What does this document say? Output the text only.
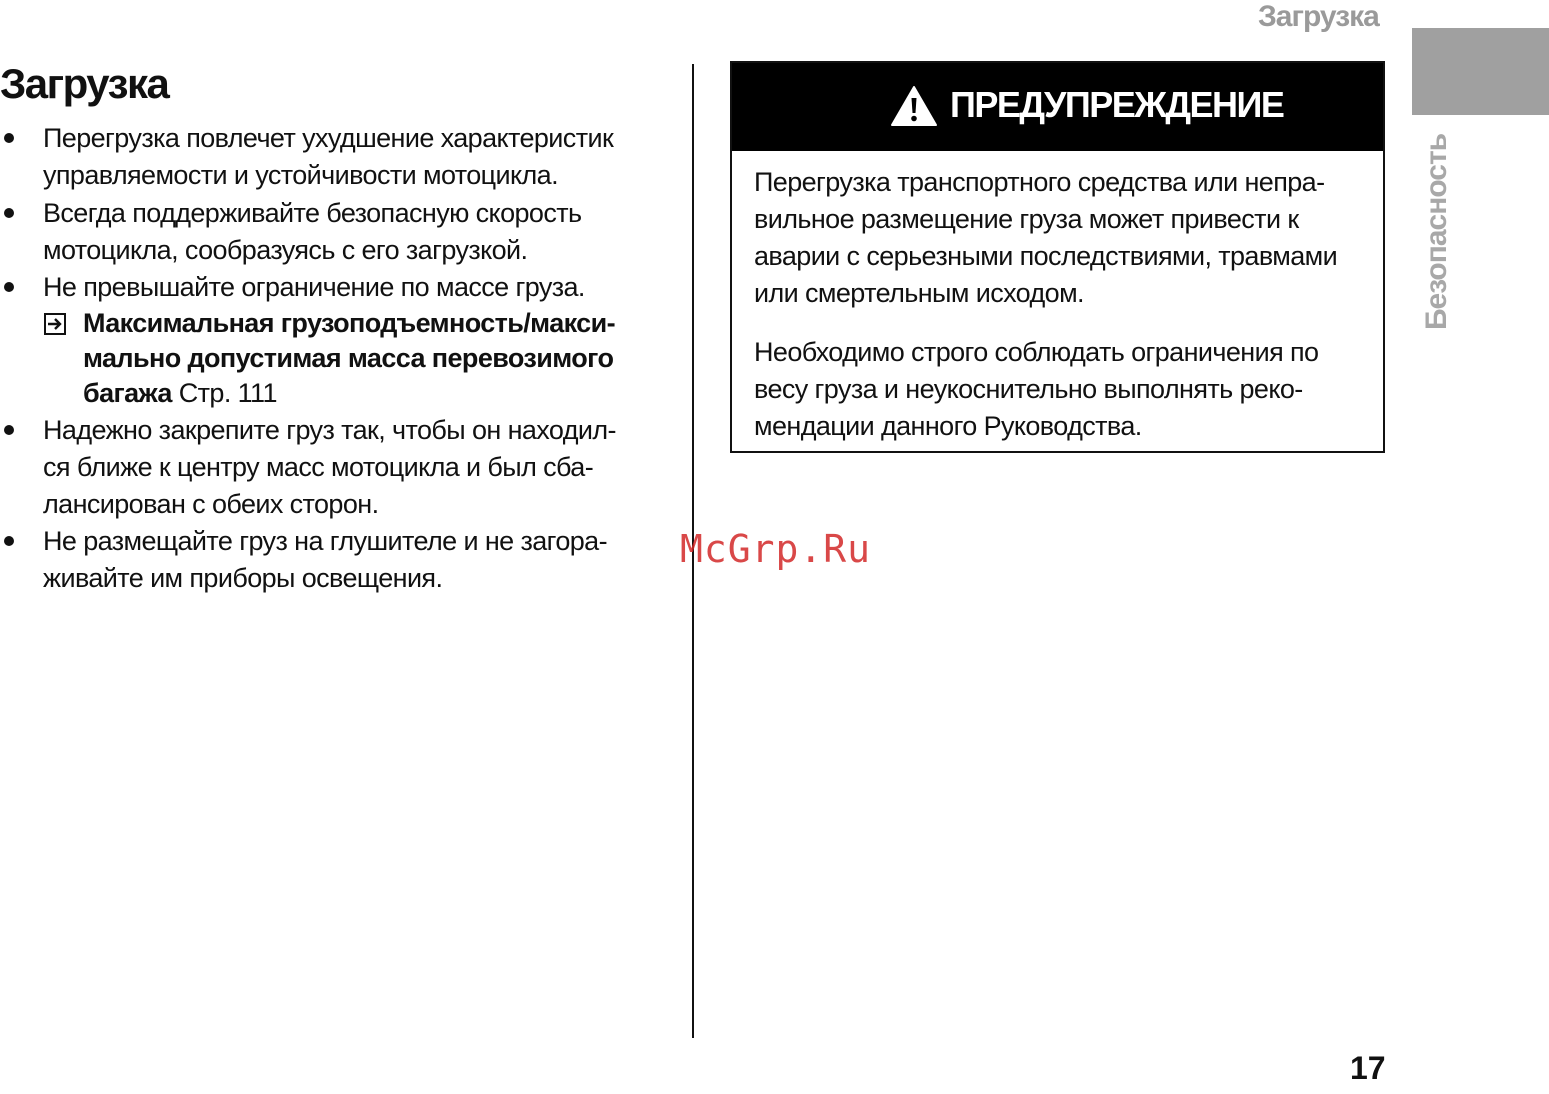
Загрузка
Безопасность
Загрузка
Перегрузка повлечет ухудшение характеристик
управляемости и устойчивости мотоцикла.
Всегда поддерживайте безопасную скорость
мотоцикла, сообразуясь с его загрузкой.
Не превышайте ограничение по массе груза.
Максимальная грузоподъемность/макси-
мально допустимая масса перевозимого
багажа Стр. 111
Надежно закрепите груз так, чтобы он находил-
ся ближе к центру масс мотоцикла и был сба-
лансирован с обеих сторон.
Не размещайте груз на глушителе и не загора-
живайте им приборы освещения.
ПРЕДУПРЕЖДЕНИЕ
Перегрузка транспортного средства или непра-
вильное размещение груза может привести к
аварии с серьезными последствиями, травмами
или смертельным исходом.
Необходимо строго соблюдать ограничения по
весу груза и неукоснительно выполнять реко-
мендации данного Руководства.
McGrp.Ru
17
